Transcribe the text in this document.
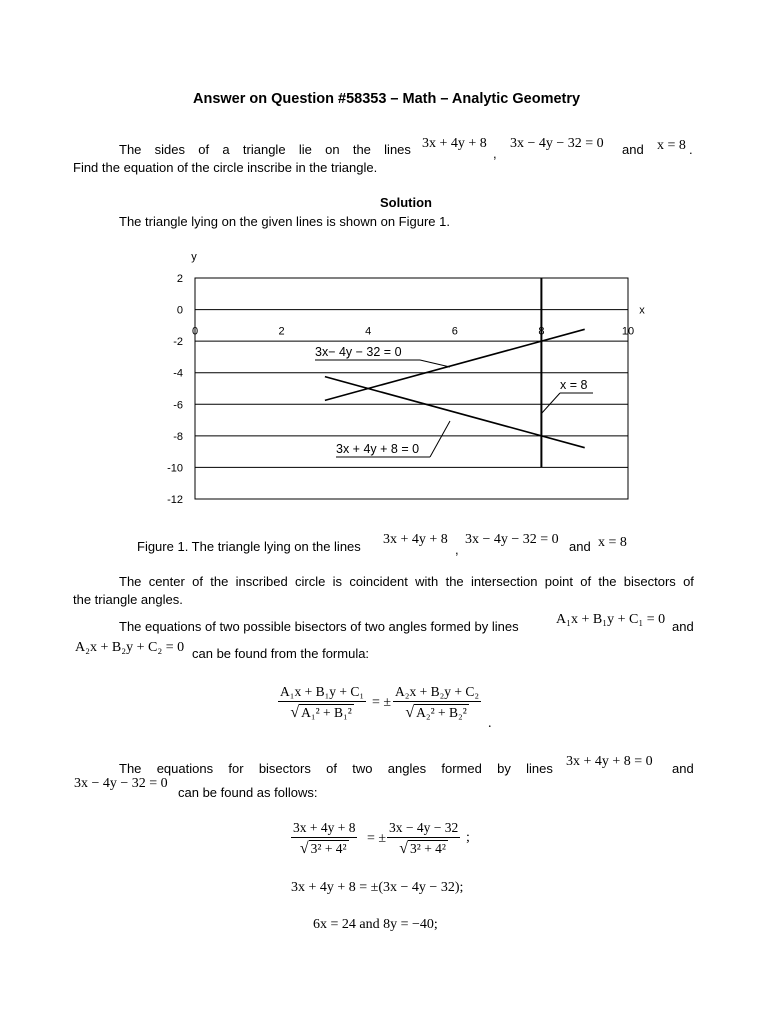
Answer on Question #58353 – Math – Analytic Geometry
The sides of a triangle lie on the lines 3x + 4y + 8
,
3x − 4y − 32 = 0 and x = 8 .
Find the equation of the circle inscribe in the triangle.
Solution
The triangle lying on the given lines is shown on Figure 1.
2
0
-2
-4
-6
-8
-10
-12
0	2	4	6	8	10
y
x
3x− 4y − 32 = 0
x = 8
3x + 4y + 8 = 0
Figure 1. The triangle lying on the lines 3x + 4y + 8
,
3x − 4y − 32 = 0 and x = 8
The center of the inscribed circle is coincident with the intersection point of the bisectors of
the triangle angles.
The equations of two possible bisectors of two angles formed by lines	A₁x + B₁y + C₁ = 0 and
A₂x + B₂y + C₂ = 0 can be found from the formula:
A₁x + B₁y + C₁
√ A₁² + B₁²
= ±
A₂x + B₂y + C₂
√ A₂² + B₂²
.
The equations for bisectors of two angles formed by lines 3x + 4y + 8 = 0 and
3x − 4y − 32 = 0
can be found as follows:
3x + 4y + 8
√ 3² + 4²
= ±
3x − 4y − 32
√ 3² + 4²
;
3x + 4y + 8 = ±(3x − 4y − 32);
6x = 24 and 8y = −40;
